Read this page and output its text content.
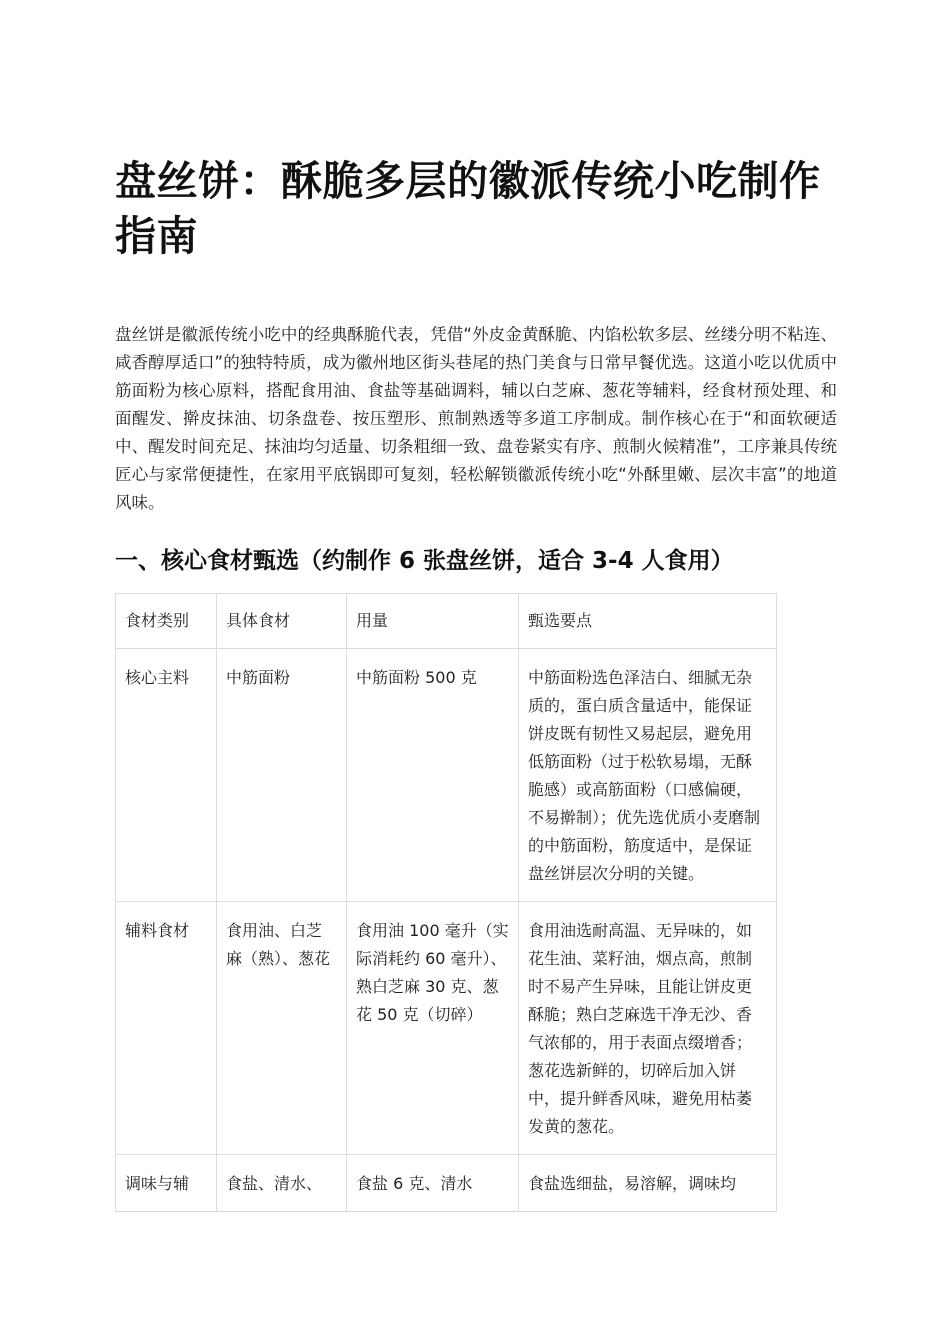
盘丝饼：酥脆多层的徽派传统小吃制作指南

盘丝饼是徽派传统小吃中的经典酥脆代表，凭借“外皮金黄酥脆、内馅松软多层、丝缕分明不粘连、咸香醇厚适口”的独特特质，成为徽州地区街头巷尾的热门美食与日常早餐优选。这道小吃以优质中筋面粉为核心原料，搭配食用油、食盐等基础调料，辅以白芝麻、葱花等辅料，经食材预处理、和面醒发、擀皮抹油、切条盘卷、按压塑形、煎制熟透等多道工序制成。制作核心在于“和面软硬适中、醒发时间充足、抹油均匀适量、切条粗细一致、盘卷紧实有序、煎制火候精准”，工序兼具传统匠心与家常便捷性，在家用平底锅即可复刻，轻松解锁徽派传统小吃“外酥里嫩、层次丰富”的地道风味。

一、核心食材甄选（约制作 6 张盘丝饼，适合 3-4 人食用）
食材类别	具体食材	用量	甄选要点
核心主料	中筋面粉	中筋面粉 500 克	中筋面粉选色泽洁白、细腻无杂质的，蛋白质含量适中，能保证饼皮既有韧性又易起层，避免用低筋面粉（过于松软易塌，无酥脆感）或高筋面粉（口感偏硬，不易擀制）；优先选优质小麦磨制的中筋面粉，筋度适中，是保证盘丝饼层次分明的关键。
辅料食材	食用油、白芝麻（熟）、葱花	食用油 100 毫升（实际消耗约 60 毫升）、熟白芝麻 30 克、葱花 50 克（切碎）	食用油选耐高温、无异味的，如花生油、菜籽油，烟点高，煎制时不易产生异味，且能让饼皮更酥脆；熟白芝麻选干净无沙、香气浓郁的，用于表面点缀增香；葱花选新鲜的，切碎后加入饼中，提升鲜香风味，避免用枯萎发黄的葱花。
调味与辅	食盐、清水、	食盐 6 克、清水	食盐选细盐，易溶解，调味均
